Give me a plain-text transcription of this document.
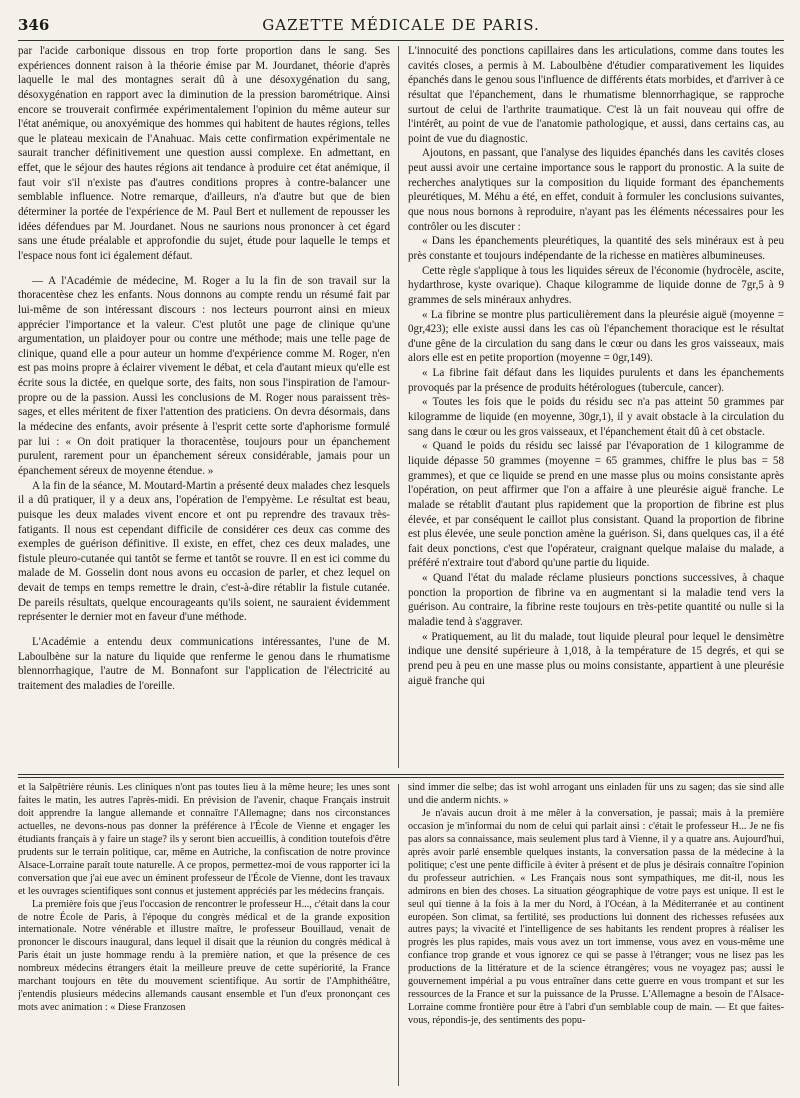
346	GAZETTE MÉDICALE DE PARIS.

par l'acide carbonique dissous en trop forte proportion dans le sang. Ses expériences donnent raison à la théorie émise par M. Jourdanet, théorie d'après laquelle le mal des montagnes serait dû à une désoxygénation du sang, désoxygénation en rapport avec la diminution de la pression barométrique. Ainsi encore se trouverait confirmée expérimentalement l'opinion du même auteur sur l'état anémique, ou anoxyémique des hommes qui habitent de hautes régions, telles que le plateau mexicain de l'Anahuac. Mais cette confirmation expérimentale ne saurait trancher définitivement une question aussi complexe. En admettant, en effet, que le séjour des hautes régions ait tendance à produire cet état anémique, il faut voir s'il n'existe pas d'autres conditions propres à contre-balancer une semblable influence. Notre remarque, d'ailleurs, n'a d'autre but que de bien déterminer la portée de l'expérience de M. Paul Bert et nullement de repousser les idées défendues par M. Jourdanet. Nous ne saurions nous prononcer à cet égard sans une étude préalable et approfondie du sujet, étude pour laquelle le temps et l'espace nous font ici également défaut.

— A l'Académie de médecine, M. Roger a lu la fin de son travail sur la thoracentèse chez les enfants. Nous donnons au compte rendu un résumé fait par lui-même de son intéressant discours : nos lecteurs pourront ainsi en mieux apprécier l'importance et la valeur. C'est plutôt une page de clinique qu'une argumentation, un plaidoyer pour ou contre une méthode; mais une telle page de clinique, quand elle a pour auteur un homme d'expérience comme M. Roger, n'en est pas moins propre à éclairer vivement le débat, et cela d'autant mieux qu'elle est écrite sous la dictée, en quelque sorte, des faits, non sous l'inspiration de l'amour-propre ou de la passion. Aussi les conclusions de M. Roger nous paraissent très-sages, et elles méritent de fixer l'attention des praticiens. On devra désormais, dans la médecine des enfants, avoir présente à l'esprit cette sorte d'aphorisme formulé par lui : « On doit pratiquer la thoracentèse, toujours pour un épanchement purulent, rarement pour un épanchement séreux considérable, jamais pour un épanchement séreux de moyenne étendue. »

A la fin de la séance, M. Moutard-Martin a présenté deux malades chez lesquels il a dû pratiquer, il y a deux ans, l'opération de l'empyème. Le résultat est beau, puisque les deux malades vivent encore et ont pu reprendre des travaux très-fatigants. Il nous est cependant difficile de considérer ces deux cas comme des exemples de guérison définitive. Il existe, en effet, chez ces deux malades, une fistule pleuro-cutanée qui tantôt se ferme et tantôt se rouvre. Il en est ici comme du malade de M. Gosselin dont nous avons eu occasion de parler, et chez lequel on devait de temps en temps remettre le drain, c'est-à-dire rétablir la fistule cutanée. De pareils résultats, quelque encourageants qu'ils soient, ne sauraient évidemment représenter le dernier mot en faveur d'une méthode.

L'Académie a entendu deux communications intéressantes, l'une de M. Laboulbène sur la nature du liquide que renferme le genou dans le rhumatisme blennorrhagique, l'autre de M. Bonnafont sur l'application de l'électricité au traitement des maladies de l'oreille.

L'innocuité des ponctions capillaires dans les articulations, comme dans toutes les cavités closes, a permis à M. Laboulbène d'étudier comparativement les liquides épanchés dans le genou sous l'influence de différents états morbides, et d'arriver à ce résultat que l'épanchement, dans le rhumatisme blennorrhagique, se rapproche surtout de celui de l'arthrite traumatique. C'est là un fait nouveau qui offre de l'intérêt, au point de vue de l'anatomie pathologique, et aussi, dans certains cas, au point de vue du diagnostic.

Ajoutons, en passant, que l'analyse des liquides épanchés dans les cavités closes peut aussi avoir une certaine importance sous le rapport du pronostic. A la suite de recherches analytiques sur la composition du liquide formant des épanchements pleurétiques, M. Méhu a été, en effet, conduit à formuler les conclusions suivantes, que nous nous bornons à reproduire, n'ayant pas les éléments nécessaires pour les contrôler ou les discuter :

« Dans les épanchements pleurétiques, la quantité des sels minéraux est à peu près constante et toujours indépendante de la richesse en matières albumineuses.

Cette règle s'applique à tous les liquides séreux de l'économie (hydrocèle, ascite, hydarthrose, kyste ovarique). Chaque kilogramme de liquide donne de 7gr,5 à 9 grammes de sels minéraux anhydres.

« La fibrine se montre plus particulièrement dans la pleurésie aiguë (moyenne = 0gr,423); elle existe aussi dans les cas où l'épanchement thoracique est le résultat d'une gêne de la circulation du sang dans le cœur ou dans les gros vaisseaux, mais alors elle est en petite proportion (moyenne = 0gr,149).

« La fibrine fait défaut dans les liquides purulents et dans les épanchements provoqués par la présence de produits hétérologues (tubercule, cancer).

« Toutes les fois que le poids du résidu sec n'a pas atteint 50 grammes par kilogramme de liquide (en moyenne, 30gr,1), il y avait obstacle à la circulation du sang dans le cœur ou les gros vaisseaux, et l'épanchement était dû à cet obstacle.

« Quand le poids du résidu sec laissé par l'évaporation de 1 kilogramme de liquide dépasse 50 grammes (moyenne = 65 grammes, chiffre le plus bas = 58 grammes), et que ce liquide se prend en une masse plus ou moins consistante après l'opération, on peut affirmer que l'on a affaire à une pleurésie aiguë franche. Le malade se rétablit d'autant plus rapidement que la proportion de fibrine est plus élevée, et par conséquent le caillot plus consistant. Quand la proportion de fibrine est plus élevée, une seule ponction amène la guérison. Si, dans quelques cas, il a été fait deux ponctions, c'est que l'opérateur, craignant quelque malaise du malade, a préféré n'extraire tout d'abord qu'une partie du liquide.

« Quand l'état du malade réclame plusieurs ponctions successives, à chaque ponction la proportion de fibrine va en augmentant si la maladie tend vers la guérison. Au contraire, la fibrine reste toujours en très-petite quantité ou nulle si la maladie tend à s'aggraver.

« Pratiquement, au lit du malade, tout liquide pleural pour lequel le densimètre indique une densité supérieure à 1,018, à la température de 15 degrés, et qui se prend peu à peu en une masse plus ou moins consistante, appartient à une pleurésie aiguë franche qui

et la Salpêtrière réunis. Les cliniques n'ont pas toutes lieu à la même heure; les unes sont faites le matin, les autres l'après-midi. En prévision de l'avenir, chaque Français instruit doit apprendre la langue allemande et connaître l'Allemagne; dans nos circonstances actuelles, ne devons-nous pas donner la préférence à l'École de Vienne et engager les étudiants français à y faire un stage? ils y seront bien accueillis, à condition toutefois d'être prudents sur le terrain politique, car, même en Autriche, la confiscation de notre province Alsace-Lorraine paraît toute naturelle. A ce propos, permettez-moi de vous rapporter ici la conversation que j'ai eue avec un éminent professeur de l'École de Vienne, dont les travaux et les ouvrages scientifiques sont connus et justement appréciés par les médecins français.

La première fois que j'eus l'occasion de rencontrer le professeur H..., c'était dans la cour de notre École de Paris, à l'époque du congrès médical et de la grande exposition internationale. Notre vénérable et illustre maître, le professeur Bouillaud, venait de prononcer le discours inaugural, dans lequel il disait que la réunion du congrès médical à Paris était un juste hommage rendu à la première nation, et que la présence de ces nombreux médecins étrangers était la meilleure preuve de cette supériorité, la France marchant toujours en tête du mouvement scientifique. Au sortir de l'Amphithéâtre, j'entendis plusieurs médecins allemands causant ensemble et l'un d'eux prononçant ces mots avec animation : « Diese Franzosen

sind immer die selbe; das ist wohl arrogant uns einladen für uns zu sagen; das sie sind alle und die anderm nichts. »

Je n'avais aucun droit à me mêler à la conversation, je passai; mais à la première occasion je m'informai du nom de celui qui parlait ainsi : c'était le professeur H... Je ne fis pas alors sa connaissance, mais seulement plus tard à Vienne, il y a quatre ans. Aujourd'hui, après avoir parlé ensemble quelques instants, la conversation passa de la médecine à la politique; c'est une pente difficile à éviter à présent et de plus je désirais connaître l'opinion du professeur autrichien. « Les Français nous sont sympathiques, me dit-il, nous les admirons en bien des choses. La situation géographique de votre pays est unique. Il est le seul qui tienne à la fois à la mer du Nord, à l'Océan, à la Méditerranée et au continent européen. Son climat, sa fertilité, ses productions lui donnent des richesses refusées aux autres pays; la vivacité et l'intelligence de ses habitants les rendent propres à réaliser les progrès les plus rapides, mais vous avez un tort immense, vous avez en vous-même une confiance trop grande et vous ignorez ce qui se passe à l'étranger; vous ne lisez pas les productions de la littérature et de la science étrangères; vous ne voyagez pas; aussi le gouvernement impérial a pu vous entraîner dans cette guerre en vous trompant et sur les ressources de la France et sur la puissance de la Prusse. L'Allemagne a besoin de l'Alsace-Lorraine comme frontière pour être à l'abri d'un semblable coup de main. — Et que faites-vous, répondis-je, des sentiments des popu-
